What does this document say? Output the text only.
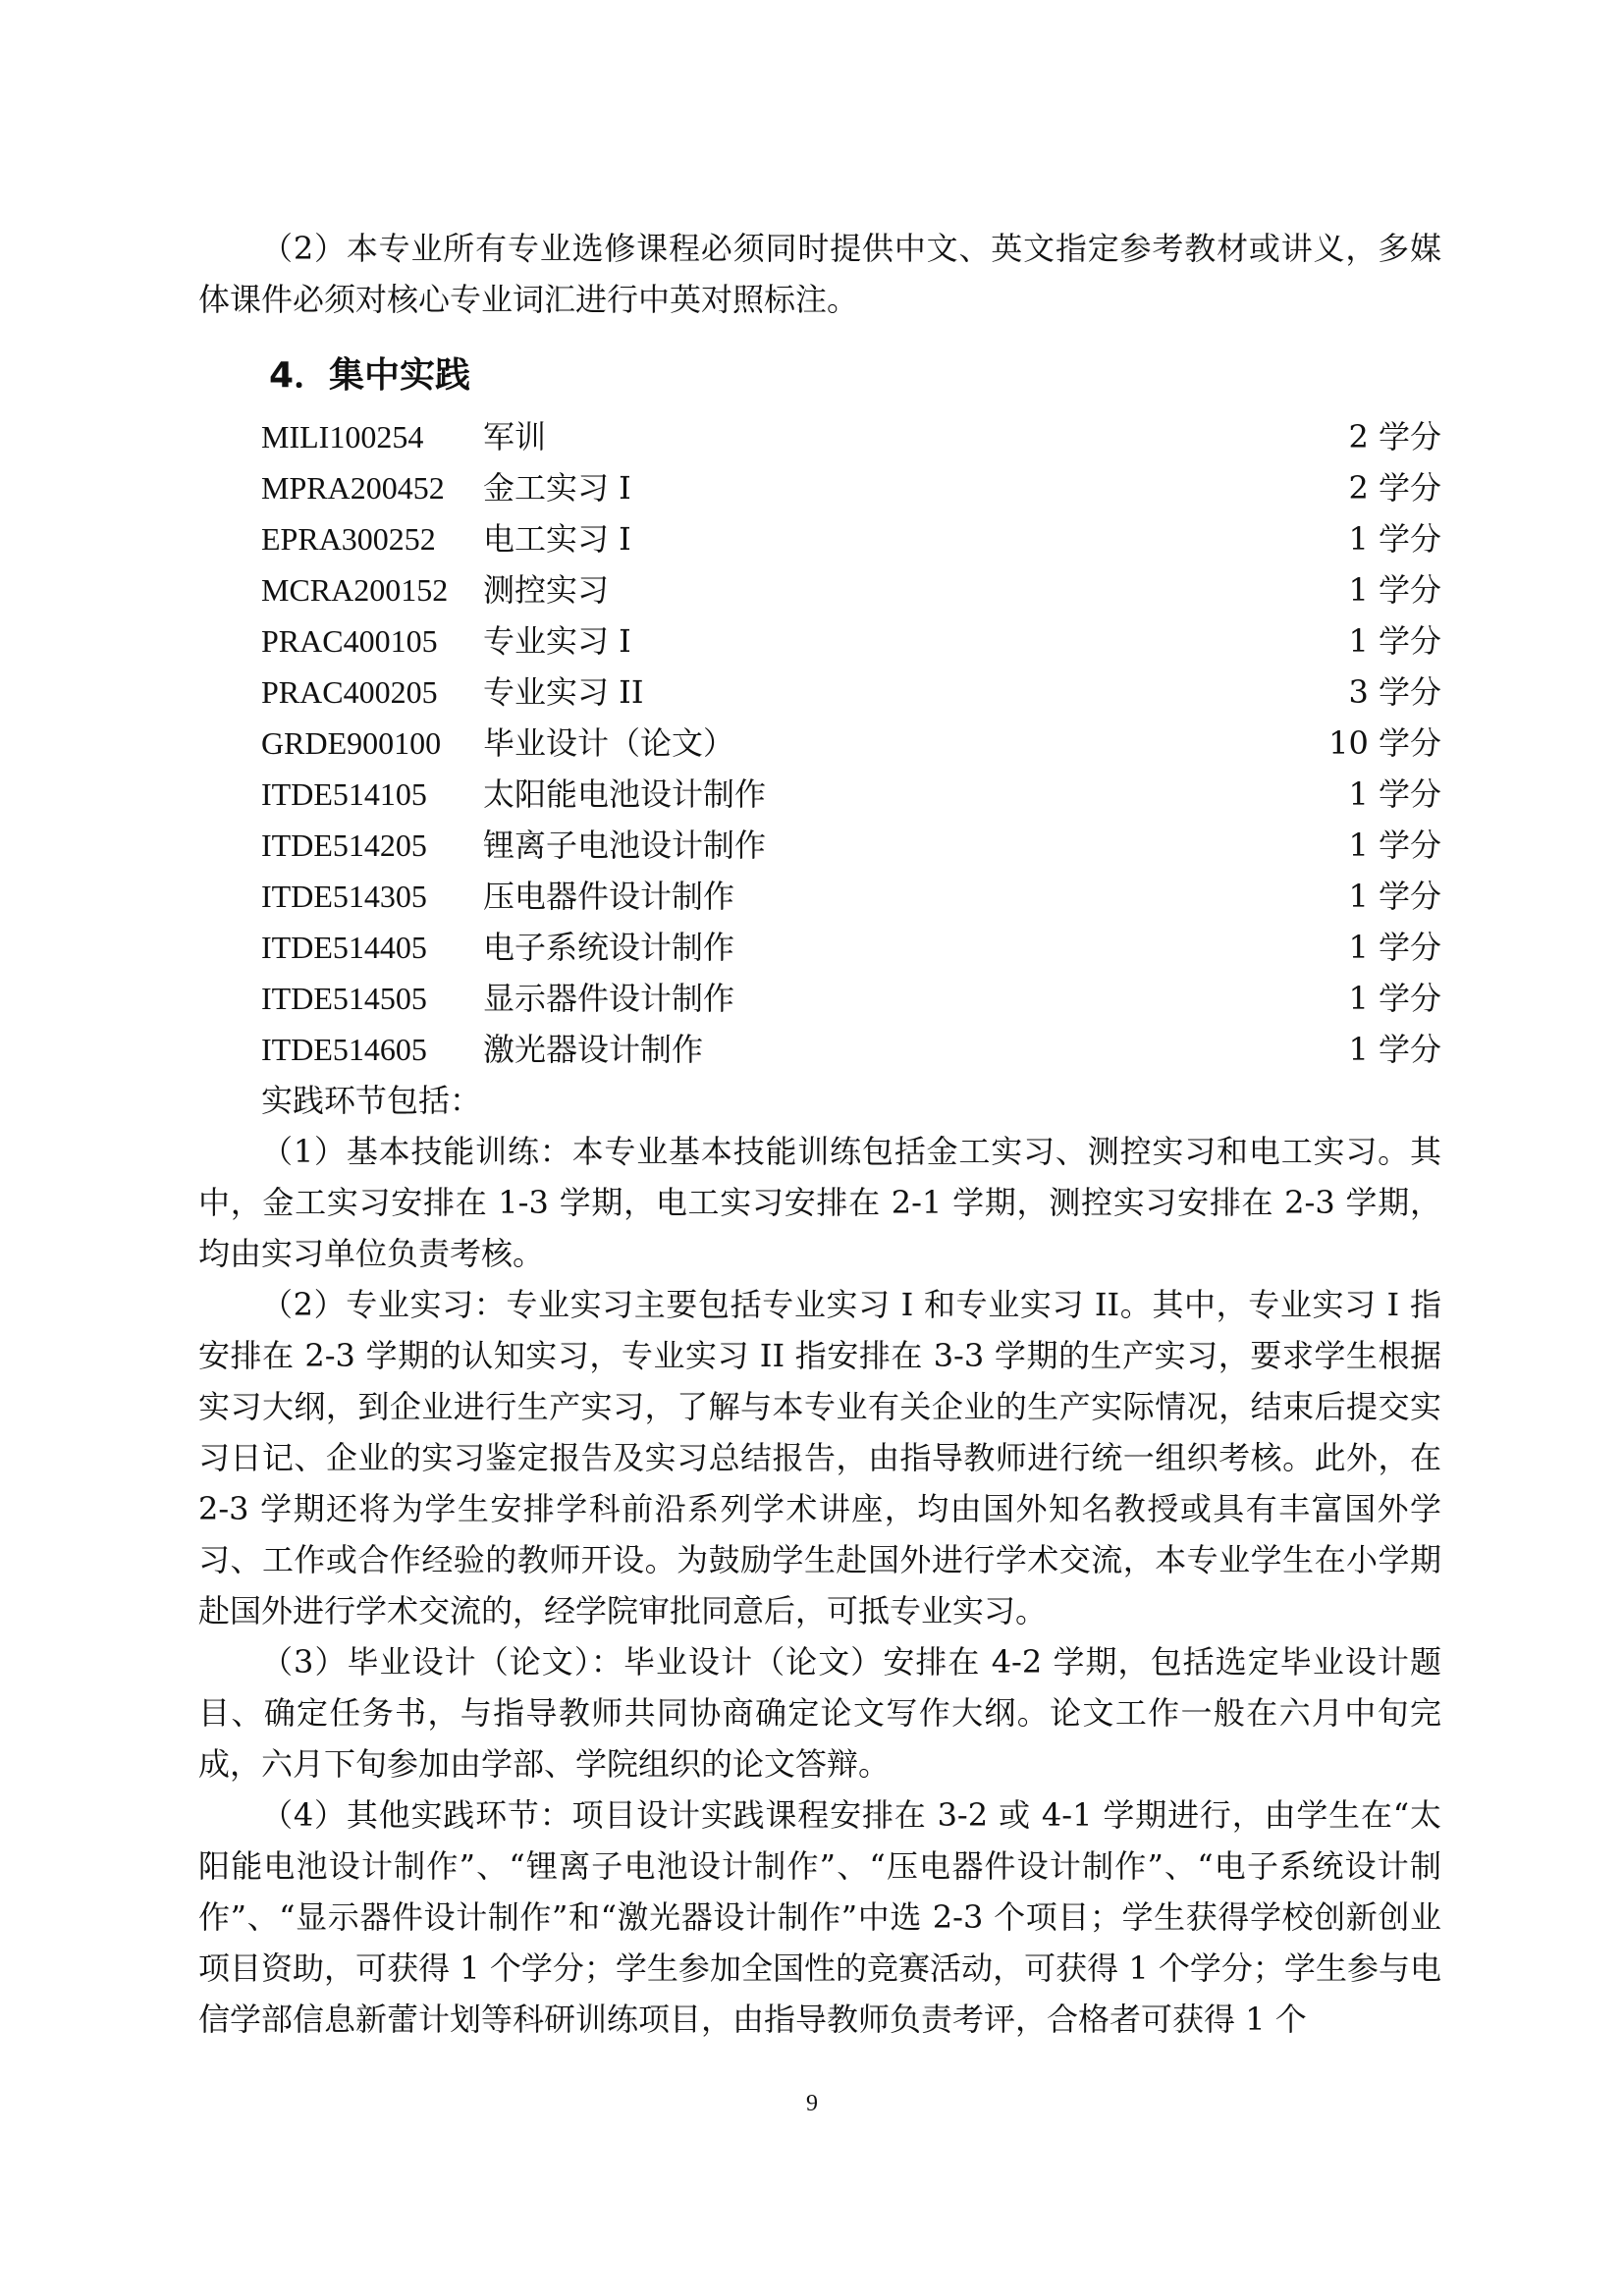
（2）本专业所有专业选修课程必须同时提供中文、英文指定参考教材或讲义，多媒体课件必须对核心专业词汇进行中英对照标注。

4．集中实践
MILI100254	军训	2 学分
MPRA200452	金工实习 I	2 学分
EPRA300252	电工实习 I	1 学分
MCRA200152	测控实习	1 学分
PRAC400105	专业实习 I	1 学分
PRAC400205	专业实习 II	3 学分
GRDE900100	毕业设计（论文）	10 学分
ITDE514105	太阳能电池设计制作	1 学分
ITDE514205	锂离子电池设计制作	1 学分
ITDE514305	压电器件设计制作	1 学分
ITDE514405	电子系统设计制作	1 学分
ITDE514505	显示器件设计制作	1 学分
ITDE514605	激光器设计制作	1 学分

实践环节包括：

（1）基本技能训练：本专业基本技能训练包括金工实习、测控实习和电工实习。其中，金工实习安排在 1-3 学期，电工实习安排在 2-1 学期，测控实习安排在 2-3 学期，均由实习单位负责考核。

（2）专业实习：专业实习主要包括专业实习 I 和专业实习 II。其中，专业实习 I 指安排在 2-3 学期的认知实习，专业实习 II 指安排在 3-3 学期的生产实习，要求学生根据实习大纲，到企业进行生产实习，了解与本专业有关企业的生产实际情况，结束后提交实习日记、企业的实习鉴定报告及实习总结报告，由指导教师进行统一组织考核。此外，在 2-3 学期还将为学生安排学科前沿系列学术讲座，均由国外知名教授或具有丰富国外学习、工作或合作经验的教师开设。为鼓励学生赴国外进行学术交流，本专业学生在小学期赴国外进行学术交流的，经学院审批同意后，可抵专业实习。

（3）毕业设计（论文）：毕业设计（论文）安排在 4-2 学期，包括选定毕业设计题目、确定任务书，与指导教师共同协商确定论文写作大纲。论文工作一般在六月中旬完成，六月下旬参加由学部、学院组织的论文答辩。

（4）其他实践环节：项目设计实践课程安排在 3-2 或 4-1 学期进行，由学生在“太阳能电池设计制作”、“锂离子电池设计制作”、“压电器件设计制作”、“电子系统设计制作”、“显示器件设计制作”和“激光器设计制作”中选 2-3 个项目；学生获得学校创新创业项目资助，可获得 1 个学分；学生参加全国性的竞赛活动，可获得 1 个学分；学生参与电信学部信息新蕾计划等科研训练项目，由指导教师负责考评，合格者可获得 1 个

9
